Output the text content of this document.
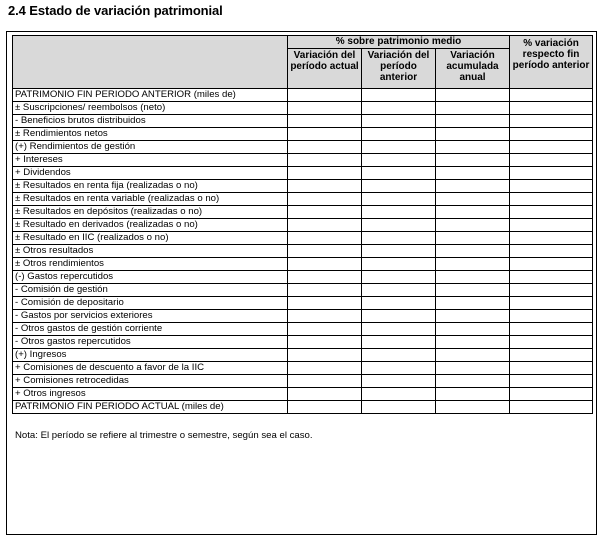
2.4 Estado de variación patrimonial
	% sobre patrimonio medio			% variación respecto fin período anterior
	Variación del período actual	Variación del período anterior	Variación acumulada anual	
PATRIMONIO FIN PERIODO ANTERIOR (miles de)				
± Suscripciones/ reembolsos (neto)				
- Beneficios brutos distribuidos				
± Rendimientos netos				
(+) Rendimientos de gestión				
+ Intereses				
+ Dividendos				
± Resultados en renta fija (realizadas o no)				
± Resultados en renta variable (realizadas o no)				
± Resultados en depósitos (realizadas o no)				
± Resultado en derivados (realizadas o no)				
± Resultado en IIC (realizados o no)				
± Otros resultados				
± Otros rendimientos				
(-) Gastos repercutidos				
- Comisión de gestión				
- Comisión de depositario				
- Gastos por servicios exteriores				
- Otros gastos de gestión corriente				
- Otros gastos repercutidos				
(+) Ingresos				
+ Comisiones de descuento a favor de la IIC				
+ Comisiones retrocedidas				
+ Otros ingresos				
PATRIMONIO FIN PERIODO ACTUAL (miles de)				
Nota: El período se refiere al trimestre o semestre, según sea el caso.
